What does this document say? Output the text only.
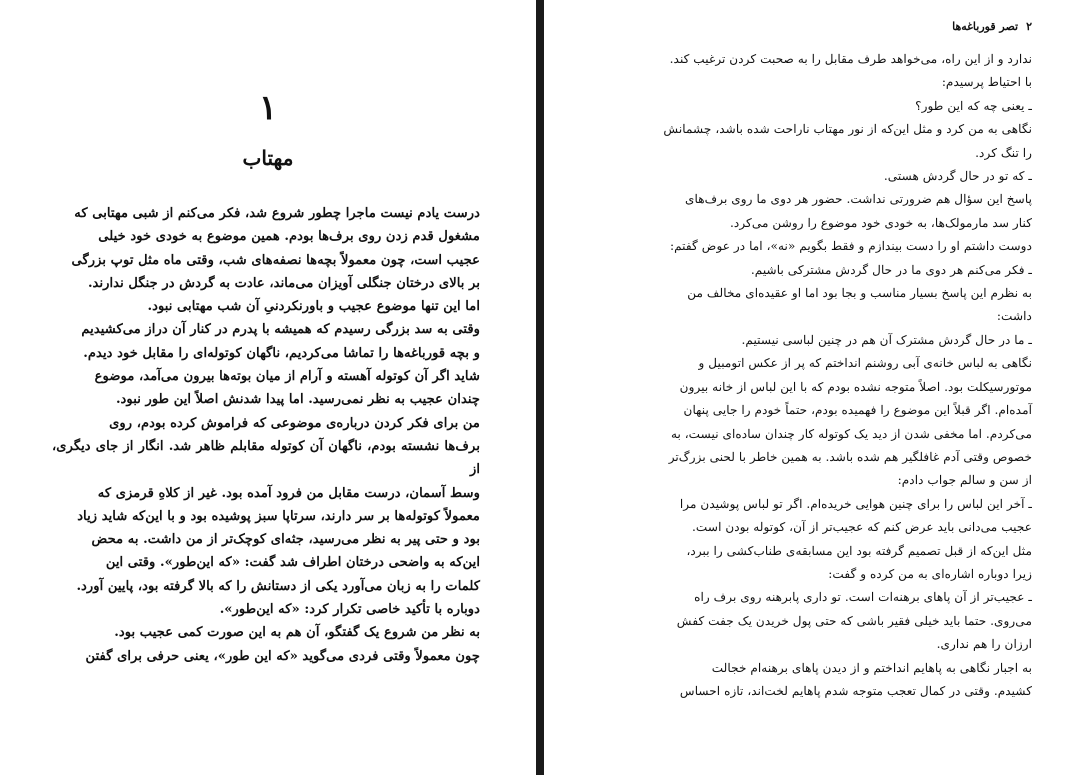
۱
مهتاب

درست یادم نیست ماجرا چطور شروع شد، فکر می‌کنم از شبی مهتابی که

مشغول قدم زدن روی برف‌ها بودم. همین موضوع به خودی خود خیلی

عجیب است، چون معمولاً بچه‌ها نصفه‌های شب، وقتی ماه مثل توپ بزرگی

بر بالای درختان جنگلی آویزان می‌ماند، عادت به گردش در جنگل ندارند.

اما این تنها موضوع عجیب و باورنکردنیِ آن شب مهتابی نبود.

وقتی به سد بزرگی رسیدم که همیشه با پدرم در کنار آن دراز می‌کشیدیم

و بچه قورباغه‌ها را تماشا می‌کردیم، ناگهان کوتوله‌ای را مقابل خود دیدم.

شاید اگر آن کوتوله آهسته و آرام از میان بوته‌ها بیرون می‌آمد، موضوع

چندان عجیب به نظر نمی‌رسید. اما پیدا شدنش اصلاً این طور نبود.

من برای فکر کردن درباره‌ی موضوعی که فراموش کرده بودم، روی

برف‌ها نشسته بودم، ناگهان آن کوتوله مقابلم ظاهر شد. انگار از جای دیگری، از

وسط آسمان، درست مقابل من فرود آمده بود. غیر از کلاهِ قرمزی که

معمولاً کوتوله‌ها بر سر دارند، سرتاپا سبز پوشیده بود و با این‌که شاید زیاد

بود و حتی پیر به نظر می‌رسید، جثه‌ای کوچک‌تر از من داشت. به محض

این‌که به واضحی درختان اطراف شد گفت: «که این‌طور». وقتی این

کلمات را به زبان می‌آورد یکی از دستانش را که بالا گرفته بود، پایین آورد.

دوباره با تأکید خاصی تکرار کرد: «که این‌طور».

به نظر من شروع یک گفتگو، آن هم به این صورت کمی عجیب بود.

چون معمولاً وقتی فردی می‌گوید «که این طور»، یعنی حرفی برای گفتن

۲
تصر قورباغه‌ها

ندارد و از این راه، می‌خواهد طرف مقابل را به صحبت کردن ترغیب کند.

با احتیاط پرسیدم:

ـ یعنی چه که این طور؟

نگاهی به من کرد و مثل این‌که از نور مهتاب ناراحت شده باشد، چشمانش

را تنگ کرد.

ـ که تو در حال گردش هستی.

پاسخ این سؤال هم ضرورتی نداشت. حضور هر دوی ما روی برف‌های

کنار سد مارمولک‌ها، به خودی خود موضوع را روشن می‌کرد.

دوست داشتم او را دست بیندازم و فقط بگویم «نه»، اما در عوض گفتم:

ـ فکر می‌کنم هر دوی ما در حال گردش مشترکی باشیم.

به نظرم این پاسخ بسیار مناسب و بجا بود اما او عقیده‌ای مخالف من

داشت:

ـ ما در حال گردش مشترک آن هم در چنین لباسی نیستیم.

نگاهی به لباس خانه‌ی آبی روشنم انداختم که پر از عکس اتومبیل و

موتورسیکلت بود. اصلاً متوجه نشده بودم که با این لباس از خانه بیرون

آمده‌ام. اگر قبلاً این موضوع را فهمیده بودم، حتماً خودم را جایی پنهان

می‌کردم. اما مخفی شدن از دید یک کوتوله کار چندان ساده‌ای نیست، به

خصوص وقتی آدم غافلگیر هم شده باشد. به همین خاطر با لحنی بزرگ‌تر

از سن و سالم جواب دادم:

ـ آخر این لباس را برای چنین هوایی خریده‌ام. اگر تو لباس پوشیدن مرا

عجیب می‌دانی باید عرض کنم که عجیب‌تر از آن، کوتوله بودن است.

مثل این‌که از قبل تصمیم گرفته بود این مسابقه‌ی طناب‌کشی را ببرد،

زیرا دوباره اشاره‌ای به من کرده و گفت:

ـ عجیب‌تر از آن پاهای برهنه‌ات است. تو داری پابرهنه روی برف راه

می‌روی. حتما باید خیلی فقیر باشی که حتی پول خریدن یک جفت کفش

ارزان را هم نداری.

به اجبار نگاهی به پاهایم انداختم و از دیدن پاهای برهنه‌ام خجالت

کشیدم. وقتی در کمال تعجب متوجه شدم پاهایم لخت‌اند، تازه احساس
